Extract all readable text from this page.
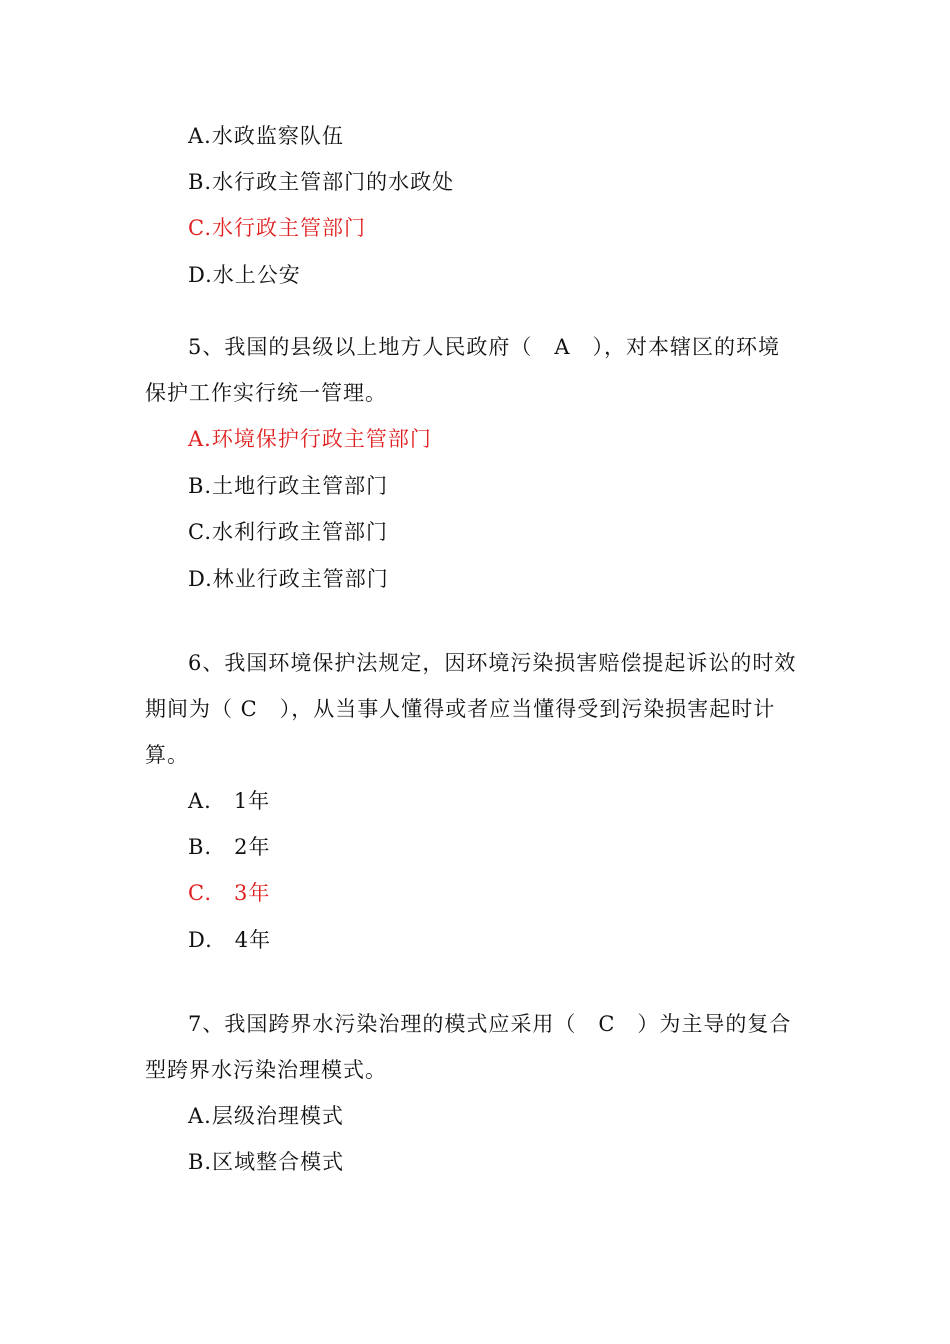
A.水政监察队伍
B.水行政主管部门的水政处
C.水行政主管部门
D.水上公安
5、我国的县级以上地方人民政府（　A　），对本辖区的环境
保护工作实行统一管理。
A.环境保护行政主管部门
B.土地行政主管部门
C.水利行政主管部门
D.林业行政主管部门
6、我国环境保护法规定，因环境污染损害赔偿提起诉讼的时效
期间为（ C　），从当事人懂得或者应当懂得受到污染损害起时计
算。
A.　1年
B.　2年
C.　3年
D.　4年
7、我国跨界水污染治理的模式应采用（　C　）为主导的复合
型跨界水污染治理模式。
A.层级治理模式
B.区域整合模式
